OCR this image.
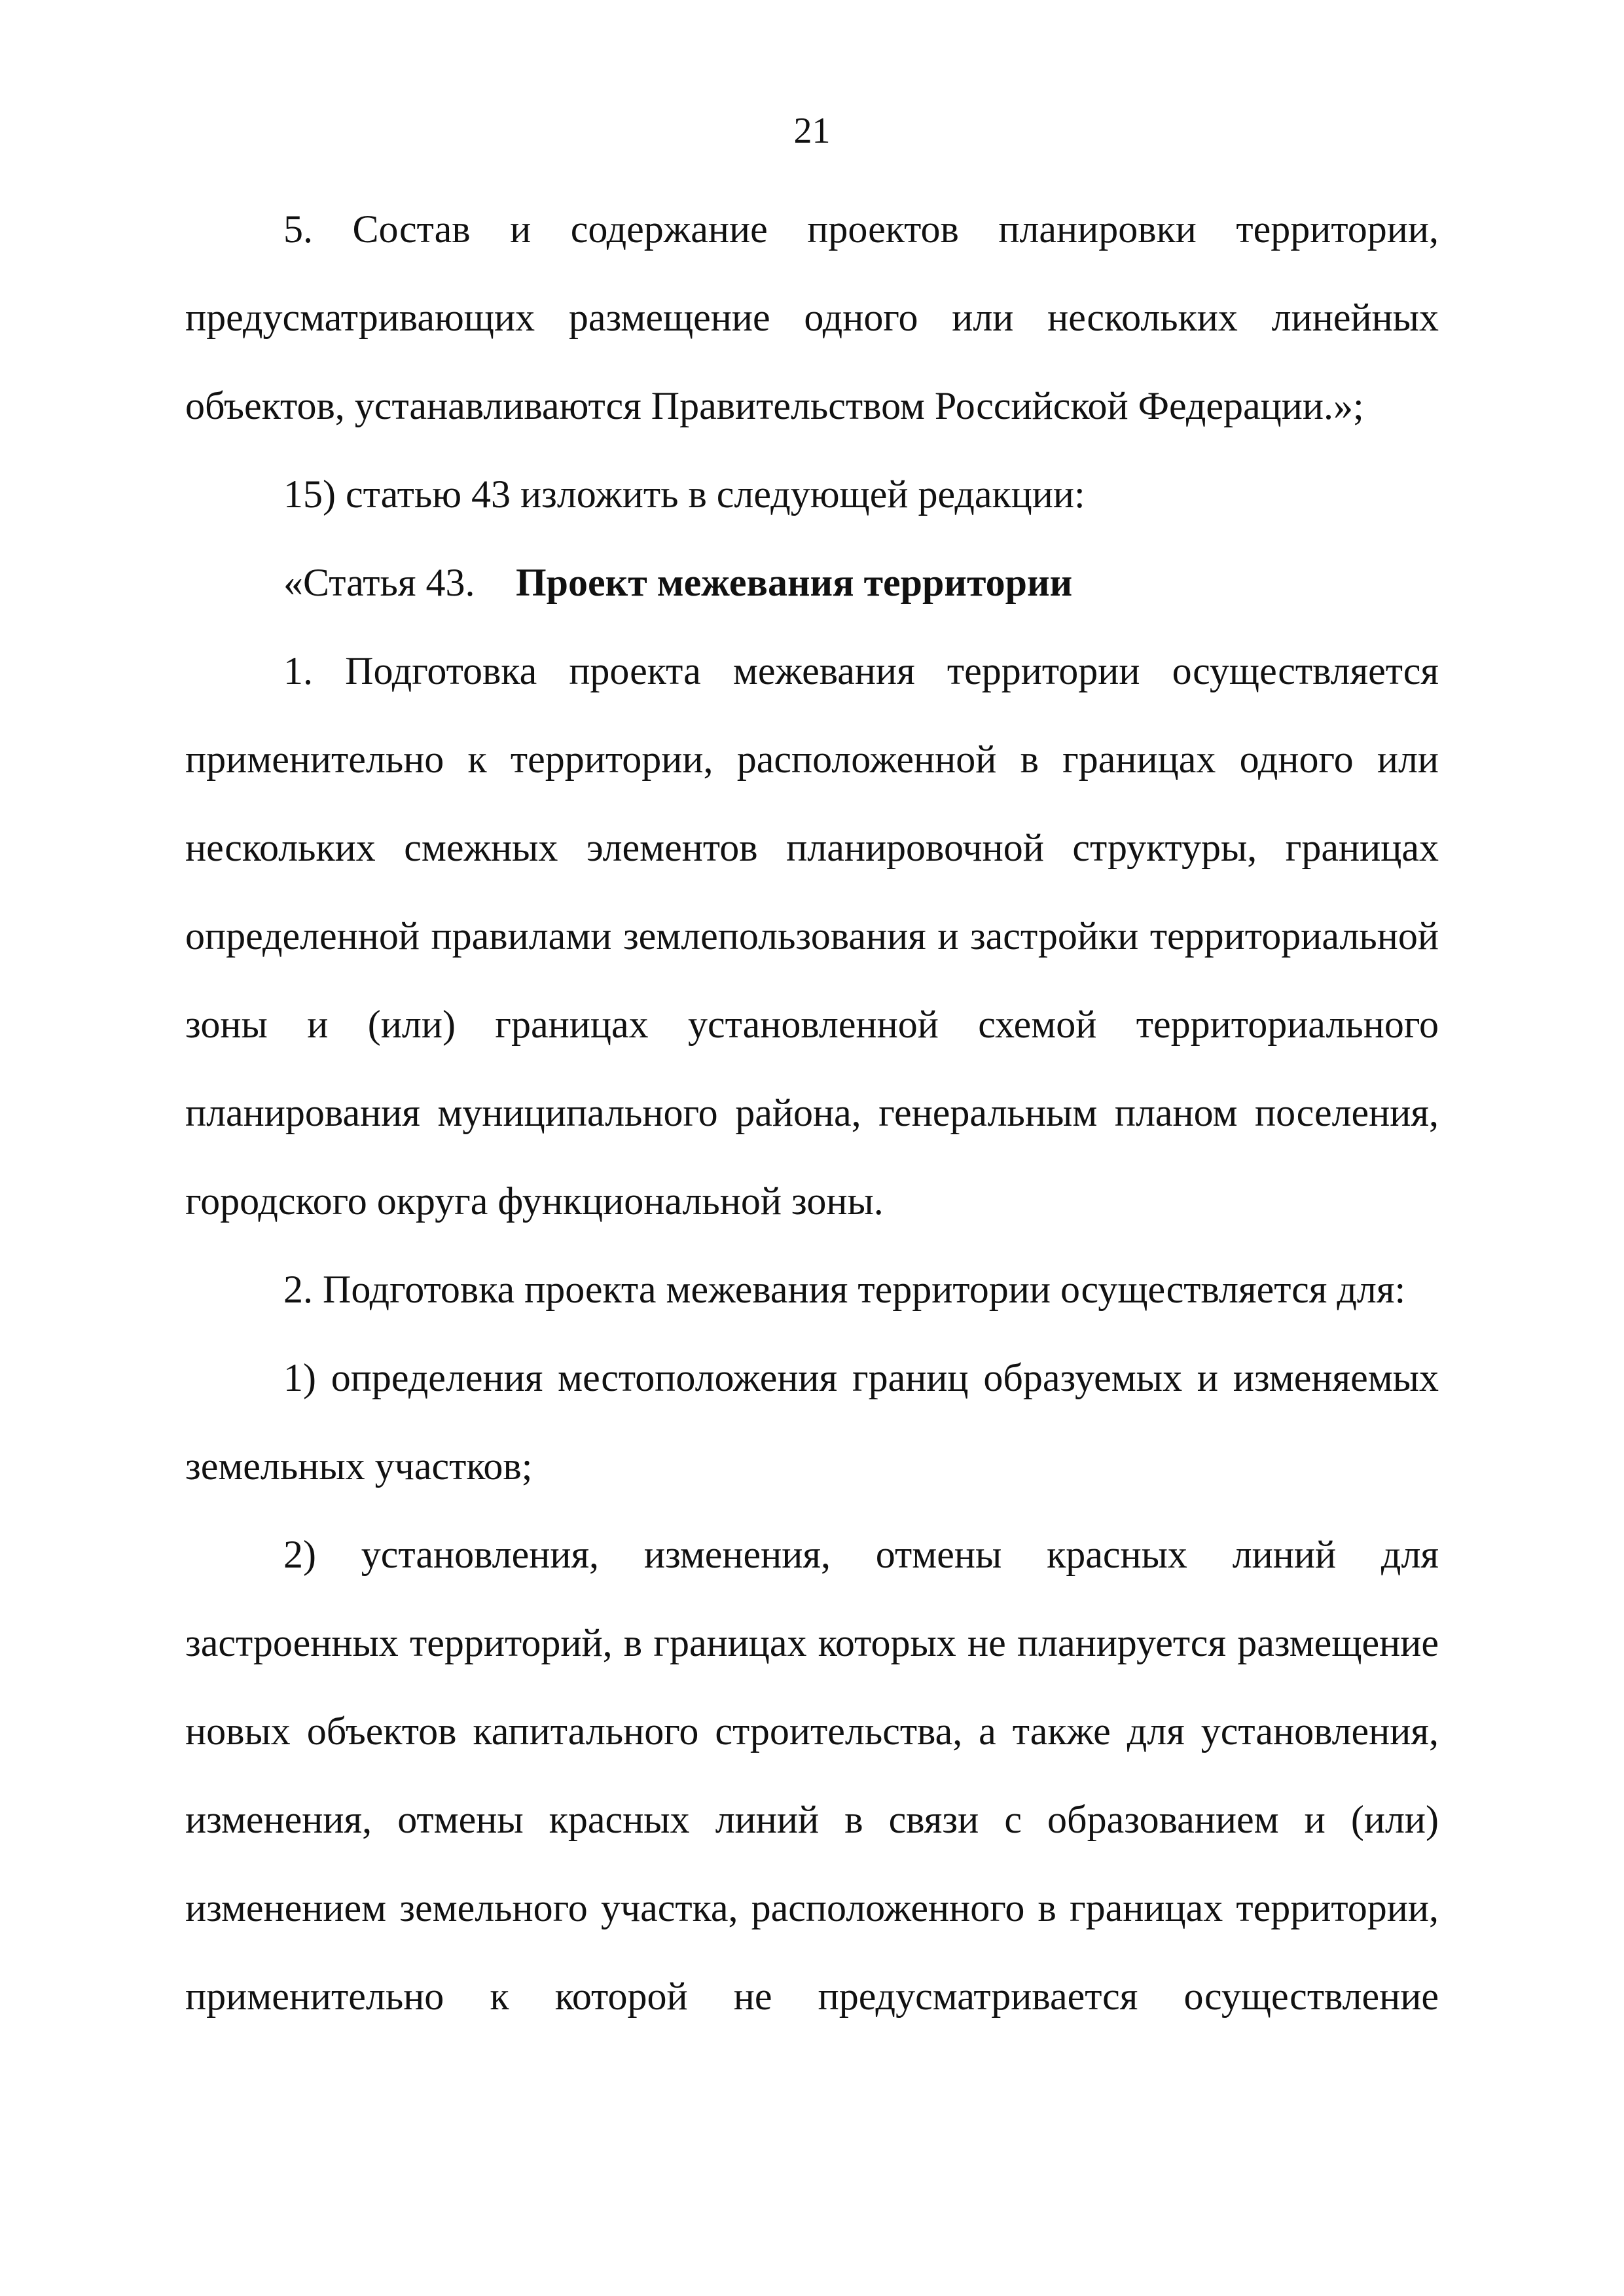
21

5. Состав и содержание проектов планировки территории, предусматривающих размещение одного или нескольких линейных объектов, устанавливаются Правительством Российской Федерации.»;

15) статью 43 изложить в следующей редакции:

«Статья 43. Проект межевания территории

1. Подготовка проекта межевания территории осуществляется применительно к территории, расположенной в границах одного или нескольких смежных элементов планировочной структуры, границах определенной правилами землепользования и застройки территориальной зоны и (или) границах установленной схемой территориального планирования муниципального района, генеральным планом поселения, городского округа функциональной зоны.

2. Подготовка проекта межевания территории осуществляется для:

1) определения местоположения границ образуемых и изменяемых земельных участков;

2) установления, изменения, отмены красных линий для застроенных территорий, в границах которых не планируется размещение новых объектов капитального строительства, а также для установления, изменения, отмены красных линий в связи с образованием и (или) изменением земельного участка, расположенного в границах территории, применительно к которой не предусматривается осуществление
